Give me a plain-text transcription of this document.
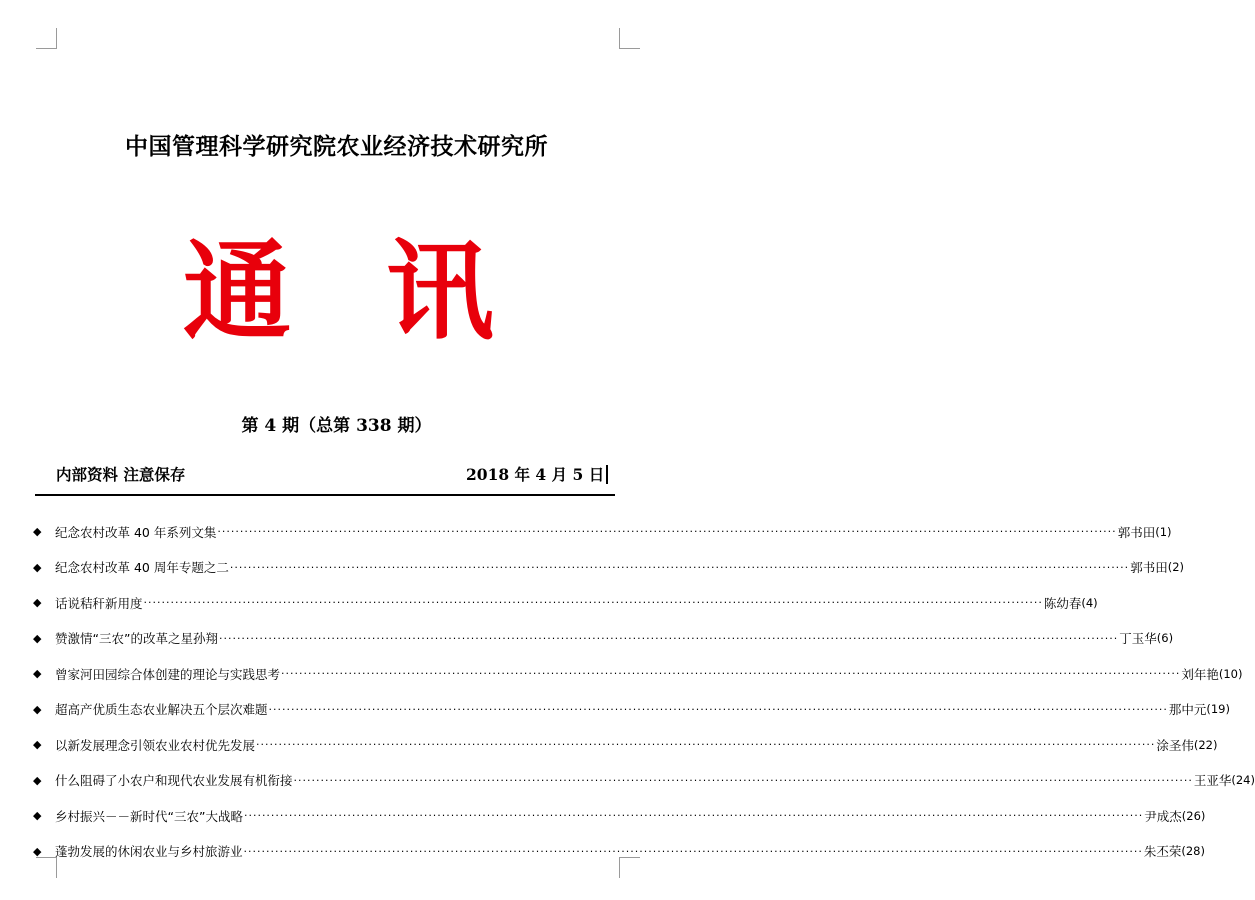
中国管理科学研究院农业经济技术研究所
通 讯
第 4 期（总第 338 期）
内部资料 注意保存	2018 年 4 月 5 日
◆	纪念农村改革 40 年系列文集 ········································································································································································································ 郭书田 (1)
◆	纪念农村改革 40 周年专题之二 ········································································································································································································ 郭书田 (2)
◆	话说秸秆新用度 ········································································································································································································ 陈幼春 (4)
◆	赞激情“三农”的改革之星孙翔 ········································································································································································································ 丁玉华 (6)
◆	曾家河田园综合体创建的理论与实践思考 ········································································································································································································ 刘年艳 (10)
◆	超高产优质生态农业解决五个层次难题 ········································································································································································································ 那中元 (19)
◆	以新发展理念引领农业农村优先发展 ········································································································································································································ 涂圣伟 (22)
◆	什么阻碍了小农户和现代农业发展有机衔接 ········································································································································································································ 王亚华 (24)
◆	乡村振兴－－新时代“三农”大战略 ········································································································································································································ 尹成杰 (26)
◆	蓬勃发展的休闲农业与乡村旅游业 ········································································································································································································ 朱丕荣 (28)
